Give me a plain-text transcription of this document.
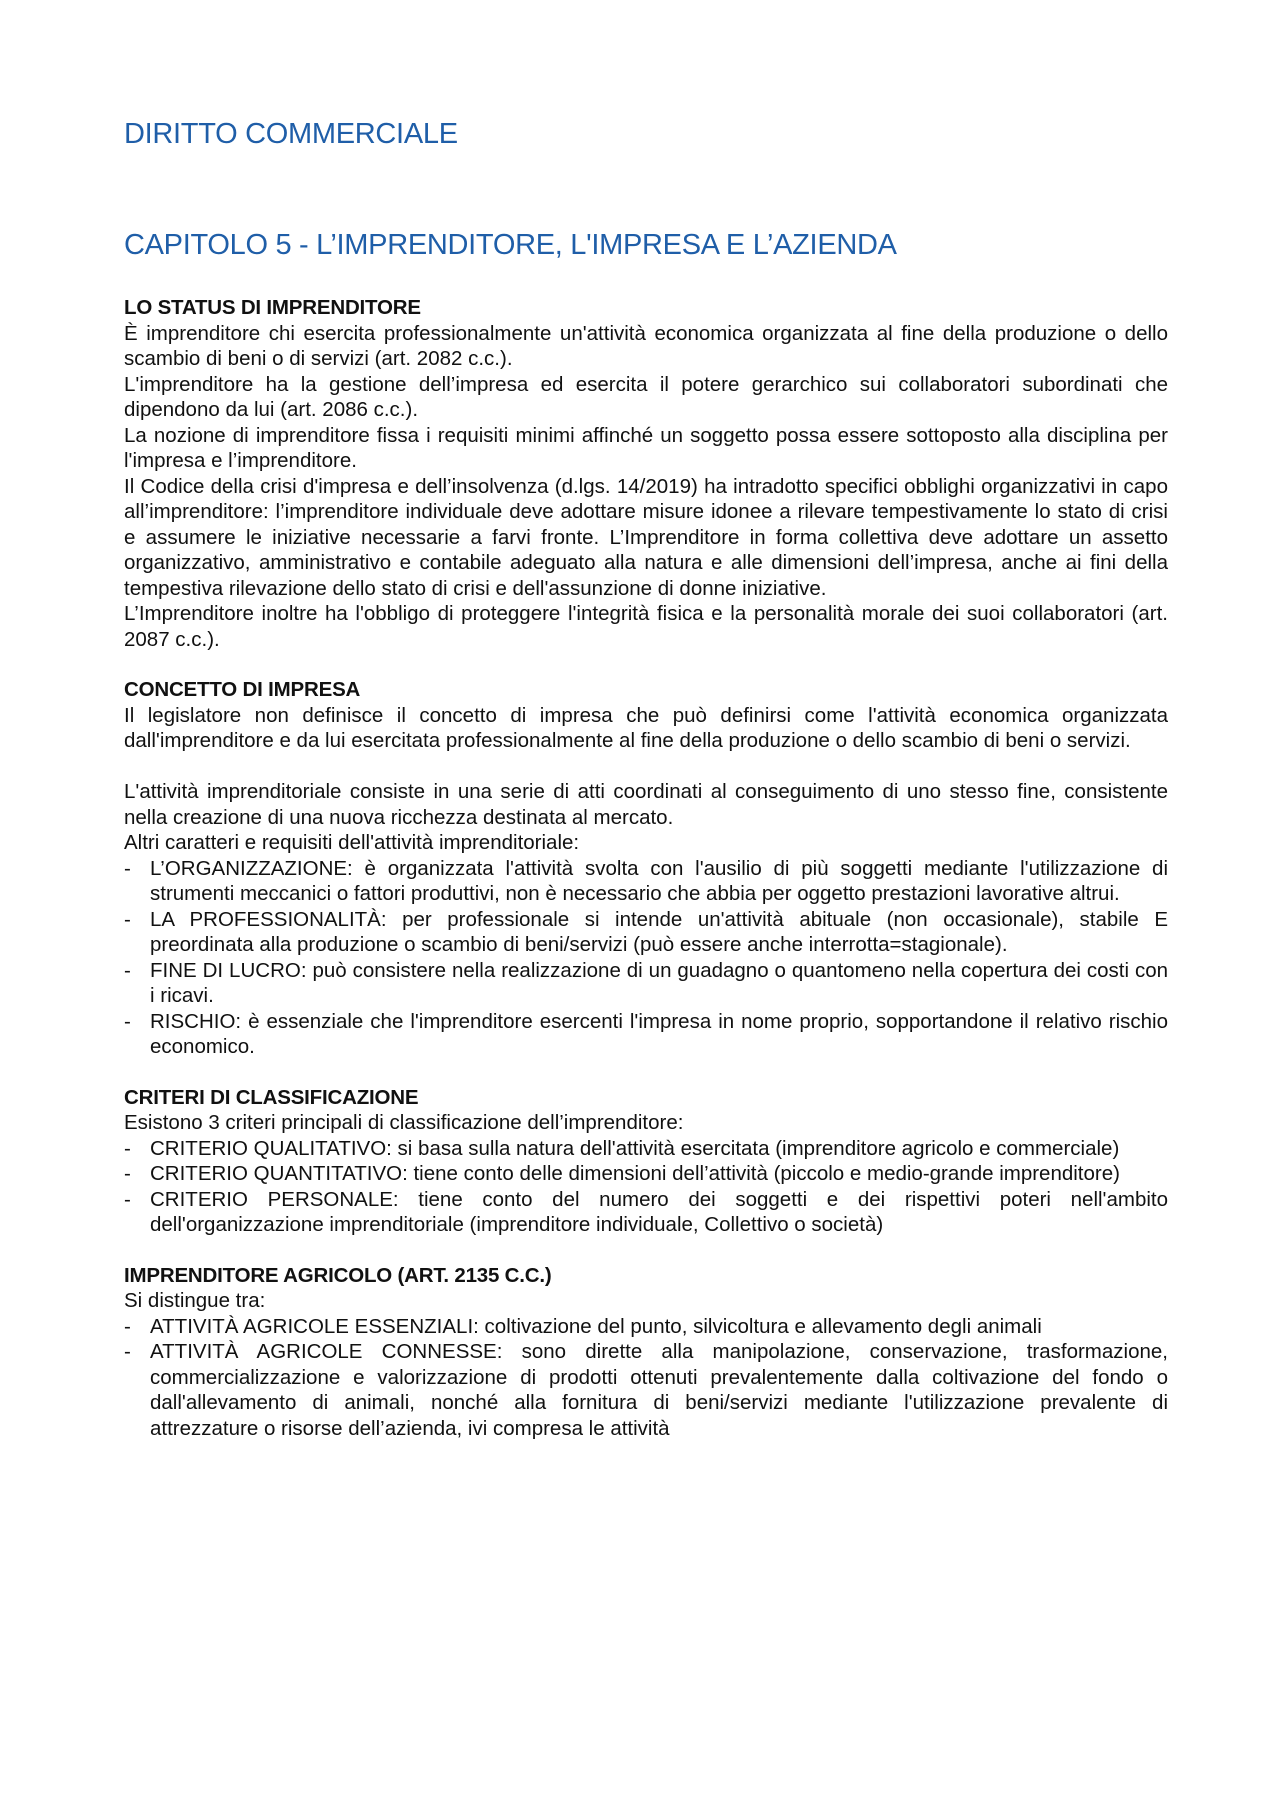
DIRITTO COMMERCIALE
CAPITOLO 5 - L’IMPRENDITORE, L'IMPRESA E L’AZIENDA
LO STATUS DI IMPRENDITORE

È imprenditore chi esercita professionalmente un'attività economica organizzata al fine della produzione o dello scambio di beni o di servizi (art. 2082 c.c.).

L'imprenditore ha la gestione dell’impresa ed esercita il potere gerarchico sui collaboratori subordinati che dipendono da lui (art. 2086 c.c.).

La nozione di imprenditore fissa i requisiti minimi affinché un soggetto possa essere sottoposto alla disciplina per l'impresa e l’imprenditore.

Il Codice della crisi d'impresa e dell’insolvenza (d.lgs. 14/2019) ha intradotto specifici obblighi organizzativi in capo all’imprenditore: l’imprenditore individuale deve adottare misure idonee a rilevare tempestivamente lo stato di crisi e assumere le iniziative necessarie a farvi fronte. L’Imprenditore in forma collettiva deve adottare un assetto organizzativo, amministrativo e contabile adeguato alla natura e alle dimensioni dell’impresa, anche ai fini della tempestiva rilevazione dello stato di crisi e dell'assunzione di donne iniziative.

L’Imprenditore inoltre ha l'obbligo di proteggere l'integrità fisica e la personalità morale dei suoi collaboratori (art. 2087 c.c.).

CONCETTO DI IMPRESA

Il legislatore non definisce il concetto di impresa che può definirsi come l'attività economica organizzata dall'imprenditore e da lui esercitata professionalmente al fine della produzione o dello scambio di beni o servizi.

L'attività imprenditoriale consiste in una serie di atti coordinati al conseguimento di uno stesso fine, consistente nella creazione di una nuova ricchezza destinata al mercato.

Altri caratteri e requisiti dell'attività imprenditoriale:

- L’ORGANIZZAZIONE: è organizzata l'attività svolta con l'ausilio di più soggetti mediante l'utilizzazione di strumenti meccanici o fattori produttivi, non è necessario che abbia per oggetto prestazioni lavorative altrui.
- LA PROFESSIONALITÀ: per professionale si intende un'attività abituale (non occasionale), stabile E preordinata alla produzione o scambio di beni/servizi (può essere anche interrotta=stagionale).
- FINE DI LUCRO: può consistere nella realizzazione di un guadagno o quantomeno nella copertura dei costi con i ricavi.
- RISCHIO: è essenziale che l'imprenditore esercenti l'impresa in nome proprio, sopportandone il relativo rischio economico.
CRITERI DI CLASSIFICAZIONE

Esistono 3 criteri principali di classificazione dell’imprenditore:

- CRITERIO QUALITATIVO: si basa sulla natura dell'attività esercitata (imprenditore agricolo e commerciale)
- CRITERIO QUANTITATIVO: tiene conto delle dimensioni dell’attività (piccolo e medio-grande imprenditore)
- CRITERIO PERSONALE: tiene conto del numero dei soggetti e dei rispettivi poteri nell'ambito dell'organizzazione imprenditoriale (imprenditore individuale, Collettivo o società)
IMPRENDITORE AGRICOLO (ART. 2135 C.C.)

Si distingue tra:

- ATTIVITÀ AGRICOLE ESSENZIALI: coltivazione del punto, silvicoltura e allevamento degli animali
- ATTIVITÀ AGRICOLE CONNESSE: sono dirette alla manipolazione, conservazione, trasformazione, commercializzazione e valorizzazione di prodotti ottenuti prevalentemente dalla coltivazione del fondo o dall'allevamento di animali, nonché alla fornitura di beni/servizi mediante l'utilizzazione prevalente di attrezzature o risorse dell’azienda, ivi compresa le attività
